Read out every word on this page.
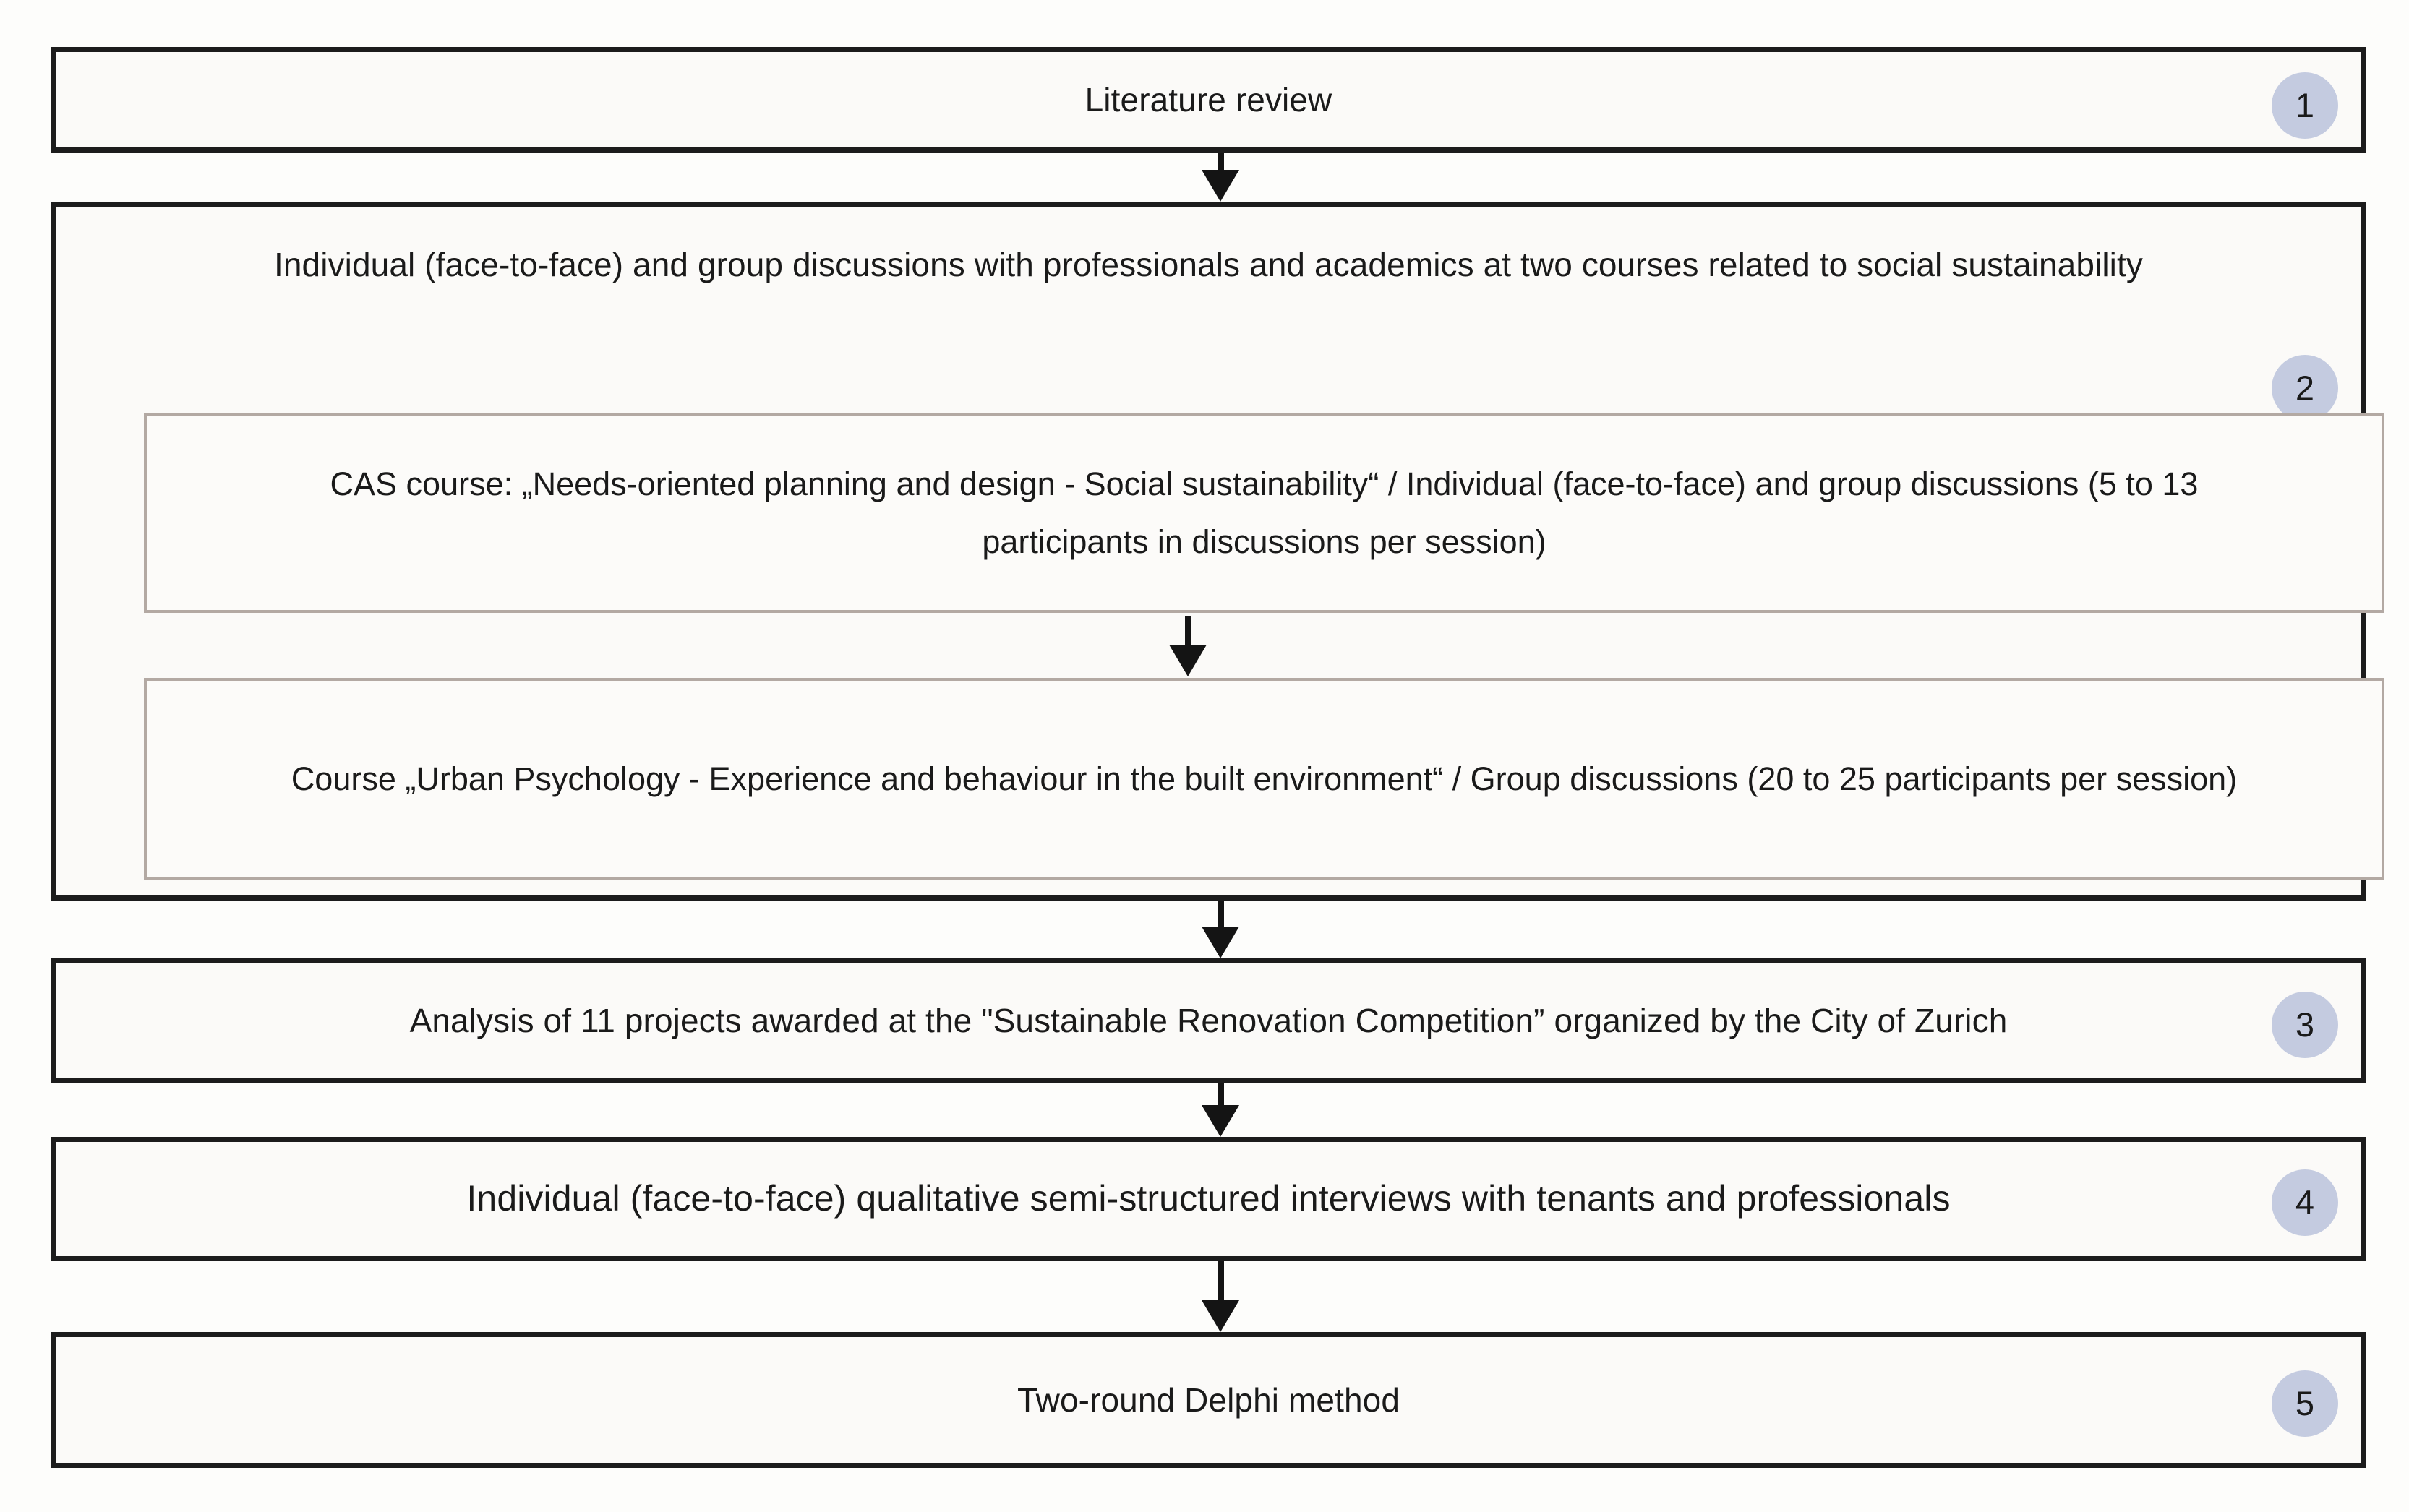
Literature review	1
Individual (face-to-face) and group discussions with professionals and academics at two courses related to social sustainability
2
CAS course: „Needs-oriented planning and design - Social sustainability“ / Individual (face-to-face) and group discussions (5 to 13 participants in discussions per session)
Course „Urban Psychology - Experience and behaviour in the built environment“ / Group discussions (20 to 25 participants per session)
Analysis of 11 projects awarded at the "Sustainable Renovation Competition” organized by the City of Zurich	3
Individual (face-to-face) qualitative semi-structured interviews with tenants and professionals	4
Two-round Delphi method	5
